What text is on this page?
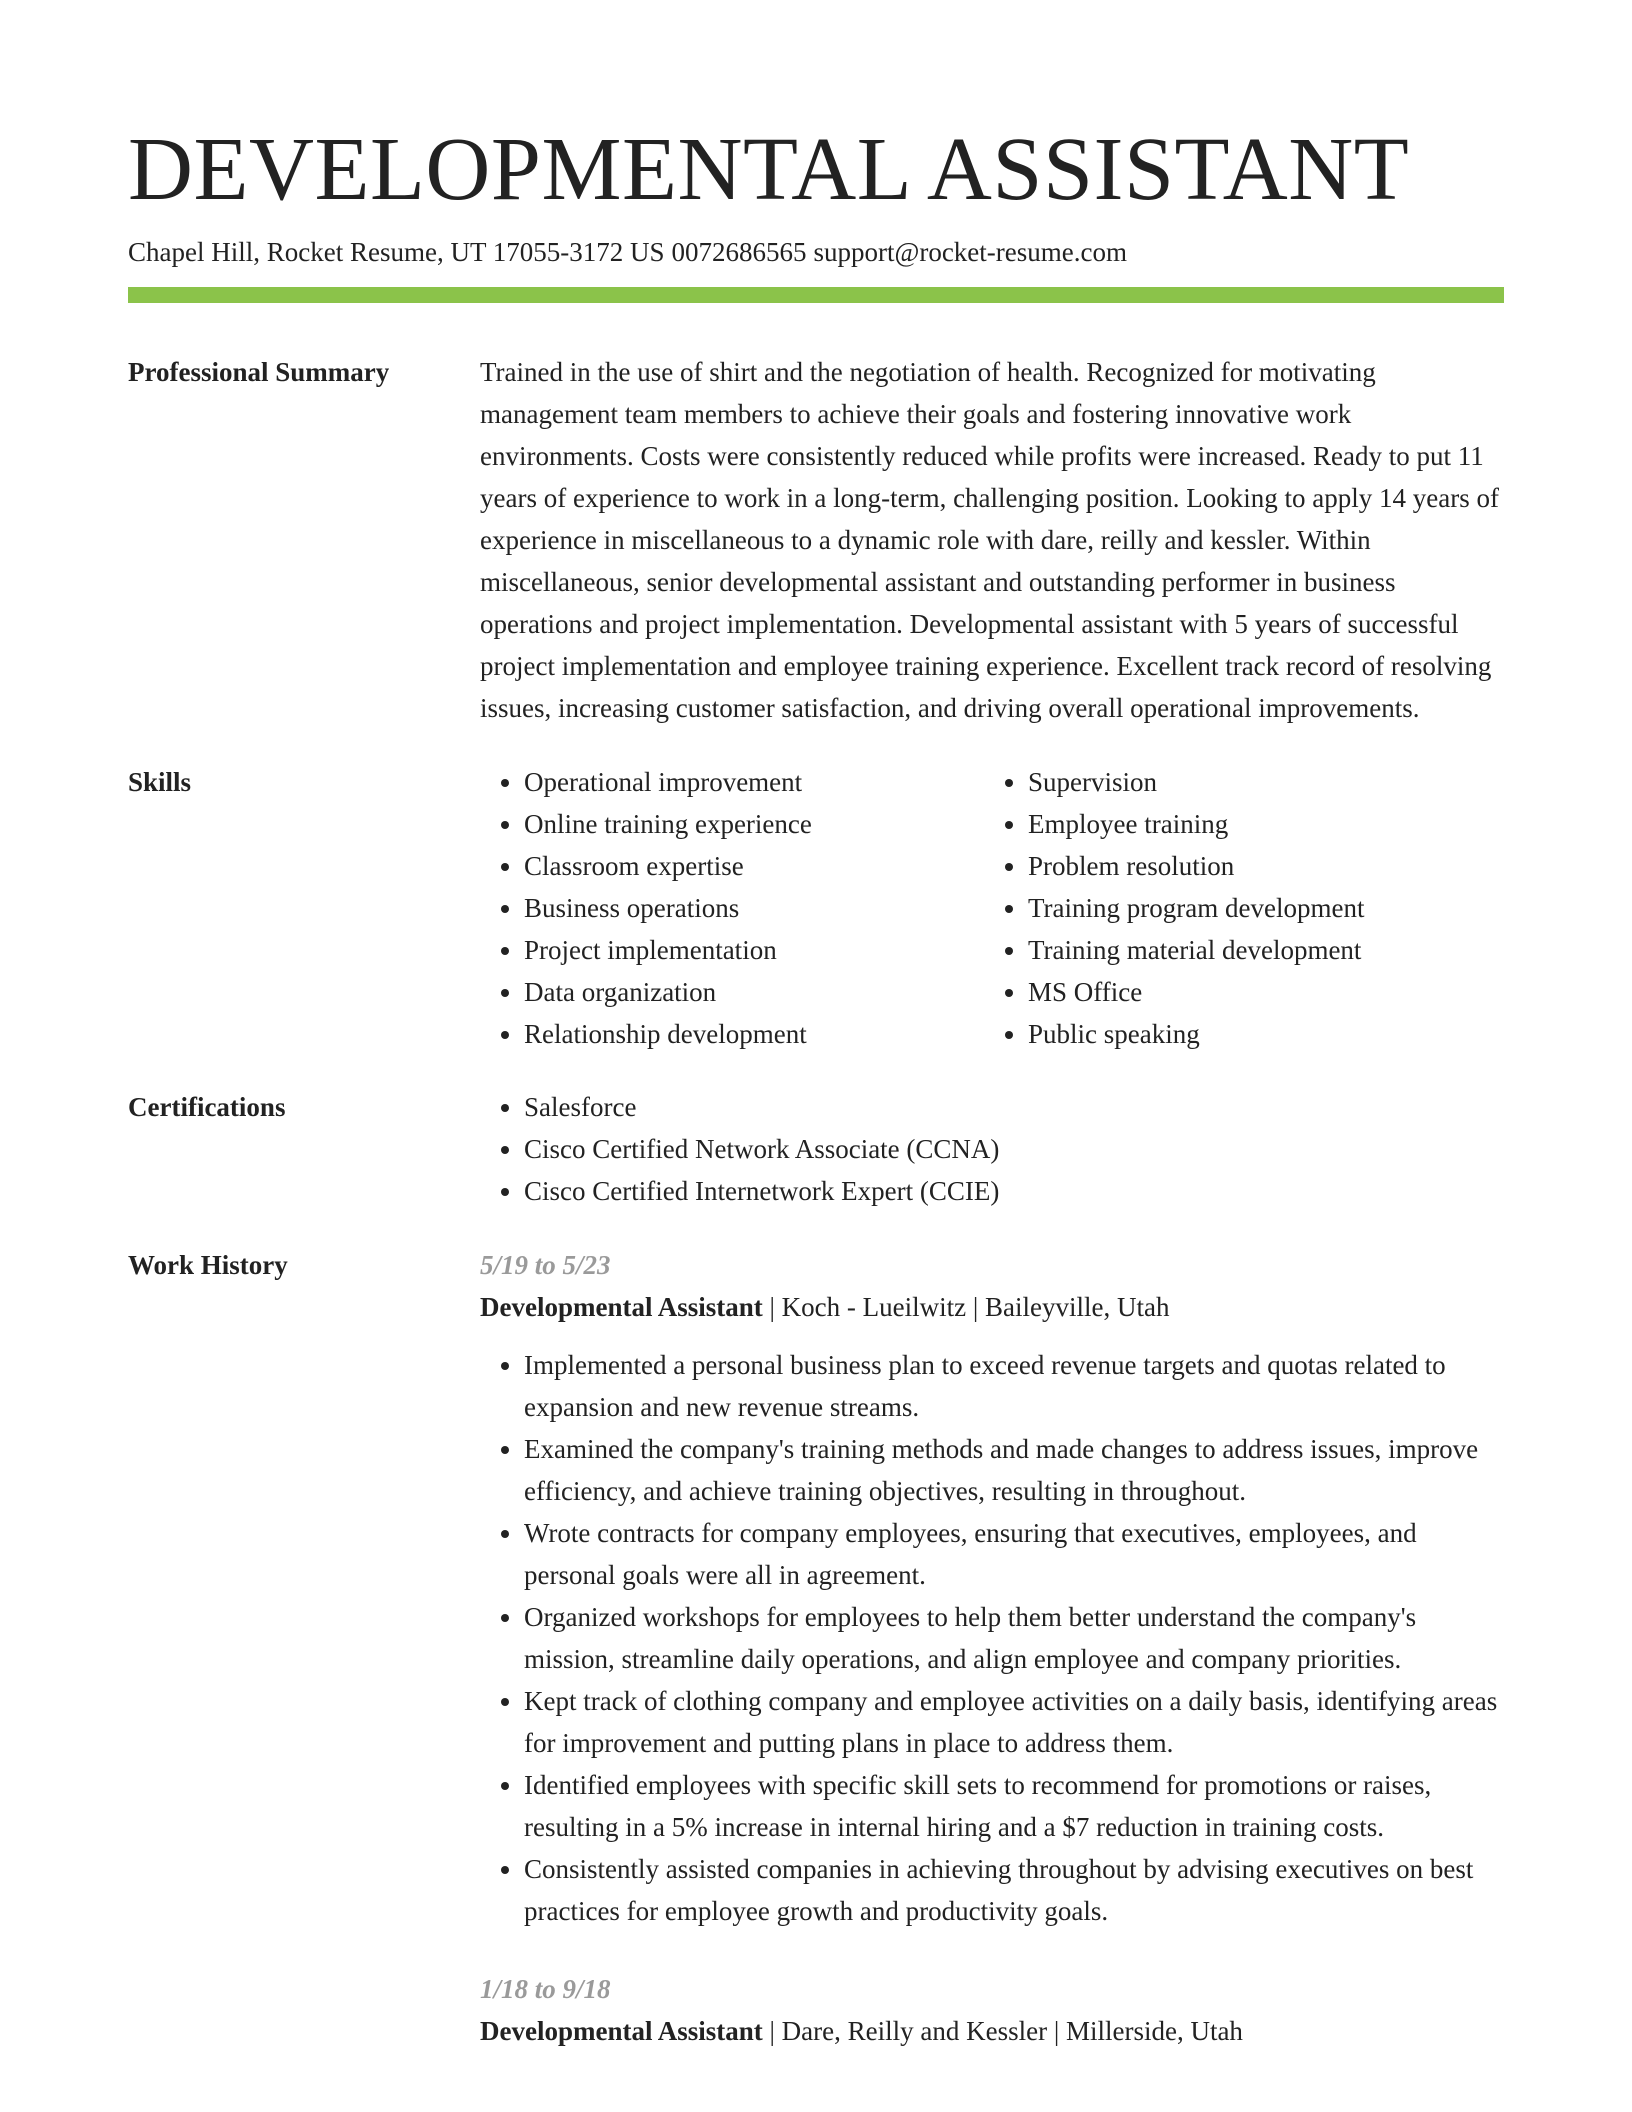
DEVELOPMENTAL ASSISTANT
Chapel Hill, Rocket Resume, UT 17055-3172 US 0072686565 support@rocket-resume.com
Professional Summary	Trained in the use of shirt and the negotiation of health. Recognized for motivating management team members to achieve their goals and fostering innovative work environments. Costs were consistently reduced while profits were increased. Ready to put 11 years of experience to work in a long-term, challenging position. Looking to apply 14 years of experience in miscellaneous to a dynamic role with dare, reilly and kessler. Within miscellaneous, senior developmental assistant and outstanding performer in business operations and project implementation. Developmental assistant with 5 years of successful project implementation and employee training experience. Excellent track record of resolving issues, increasing customer satisfaction, and driving overall operational improvements.
Skills	• Operational improvement
• Online training experience
• Classroom expertise
• Business operations
• Project implementation
• Data organization
• Relationship development
• Supervision
• Employee training
• Problem resolution
• Training program development
• Training material development
• MS Office
• Public speaking
Certifications	• Salesforce
• Cisco Certified Network Associate (CCNA)
• Cisco Certified Internetwork Expert (CCIE)
Work History	5/19 to 5/23
Developmental Assistant | Koch - Lueilwitz | Baileyville, Utah
• Implemented a personal business plan to exceed revenue targets and quotas related to expansion and new revenue streams.
• Examined the company's training methods and made changes to address issues, improve efficiency, and achieve training objectives, resulting in throughout.
• Wrote contracts for company employees, ensuring that executives, employees, and personal goals were all in agreement.
• Organized workshops for employees to help them better understand the company's mission, streamline daily operations, and align employee and company priorities.
• Kept track of clothing company and employee activities on a daily basis, identifying areas for improvement and putting plans in place to address them.
• Identified employees with specific skill sets to recommend for promotions or raises, resulting in a 5% increase in internal hiring and a $7 reduction in training costs.
• Consistently assisted companies in achieving throughout by advising executives on best practices for employee growth and productivity goals.
1/18 to 9/18
Developmental Assistant | Dare, Reilly and Kessler | Millerside, Utah
